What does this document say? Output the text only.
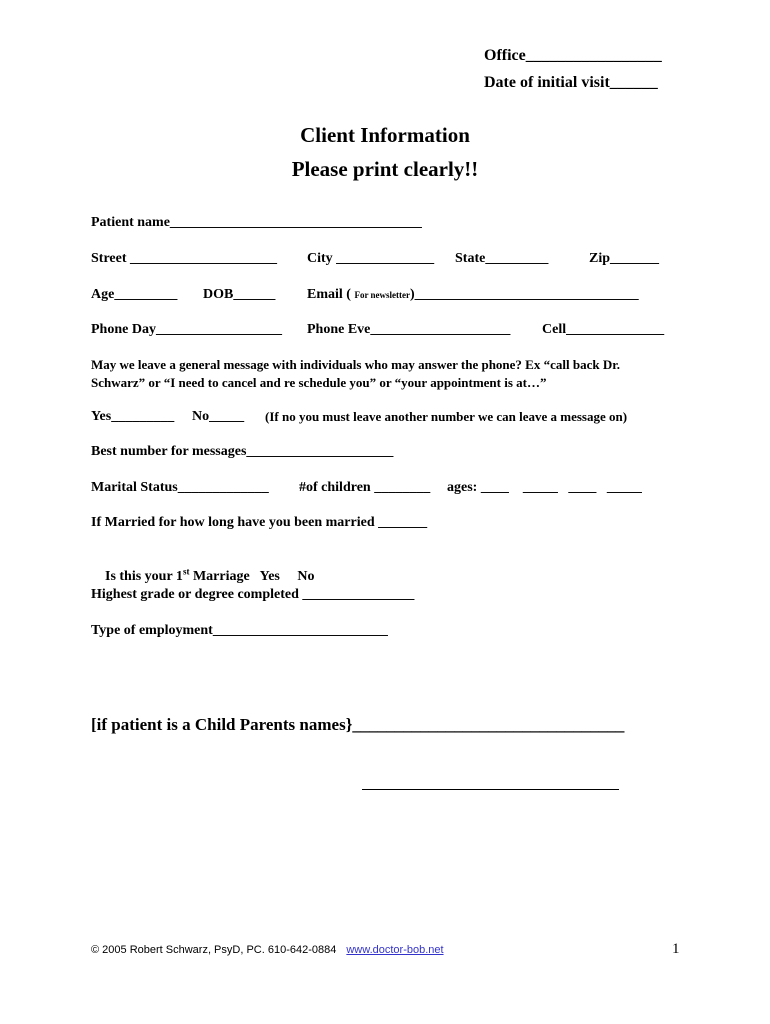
Office_________________
Date of initial visit______
Client Information
Please print clearly!!
Patient name____________________________________
Street _____________________ City ______________ State_________	Zip_______
Age_________ DOB______ Email ( For newsletter)________________________________
Phone Day__________________ Phone Eve____________________ Cell______________
May we leave a general message with individuals who may answer the phone? Ex “call back Dr.
Schwarz” or “I need to cancel and re schedule you” or “your appointment is at…”
Yes_________ No_____ (If no you must leave another number we can leave a message on)
Best number for messages_____________________
Marital Status_____________ #of children ________ ages: ____    _____   ____   _____
If Married for how long have you been married _______

Is this your 1st Marriage   Yes     No

Highest grade or degree completed ________________
Type of employment_________________________
[if patient is a Child Parents names}________________________________
© 2005 Robert Schwarz, PsyD, PC. 610-642-0884 www.doctor-bob.net	1
